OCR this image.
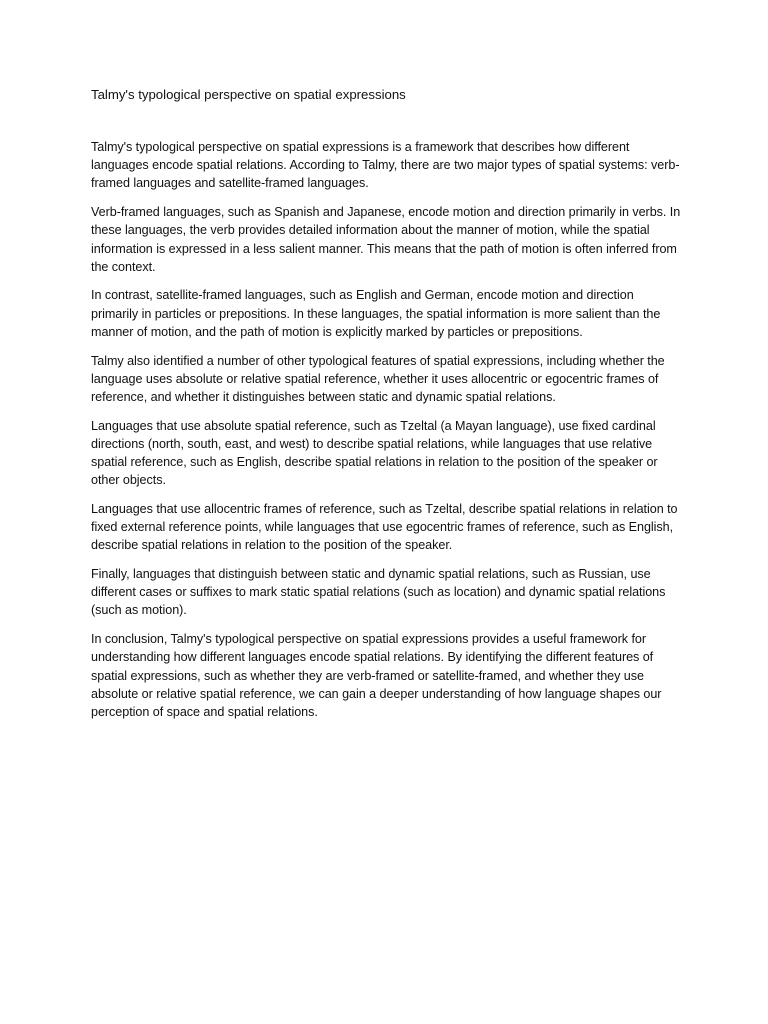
Talmy's typological perspective on spatial expressions

Talmy's typological perspective on spatial expressions is a framework that describes how different languages encode spatial relations. According to Talmy, there are two major types of spatial systems: verb-framed languages and satellite-framed languages.

Verb-framed languages, such as Spanish and Japanese, encode motion and direction primarily in verbs. In these languages, the verb provides detailed information about the manner of motion, while the spatial information is expressed in a less salient manner. This means that the path of motion is often inferred from the context.

In contrast, satellite-framed languages, such as English and German, encode motion and direction primarily in particles or prepositions. In these languages, the spatial information is more salient than the manner of motion, and the path of motion is explicitly marked by particles or prepositions.

Talmy also identified a number of other typological features of spatial expressions, including whether the language uses absolute or relative spatial reference, whether it uses allocentric or egocentric frames of reference, and whether it distinguishes between static and dynamic spatial relations.

Languages that use absolute spatial reference, such as Tzeltal (a Mayan language), use fixed cardinal directions (north, south, east, and west) to describe spatial relations, while languages that use relative spatial reference, such as English, describe spatial relations in relation to the position of the speaker or other objects.

Languages that use allocentric frames of reference, such as Tzeltal, describe spatial relations in relation to fixed external reference points, while languages that use egocentric frames of reference, such as English, describe spatial relations in relation to the position of the speaker.

Finally, languages that distinguish between static and dynamic spatial relations, such as Russian, use different cases or suffixes to mark static spatial relations (such as location) and dynamic spatial relations (such as motion).

In conclusion, Talmy's typological perspective on spatial expressions provides a useful framework for understanding how different languages encode spatial relations. By identifying the different features of spatial expressions, such as whether they are verb-framed or satellite-framed, and whether they use absolute or relative spatial reference, we can gain a deeper understanding of how language shapes our perception of space and spatial relations.
